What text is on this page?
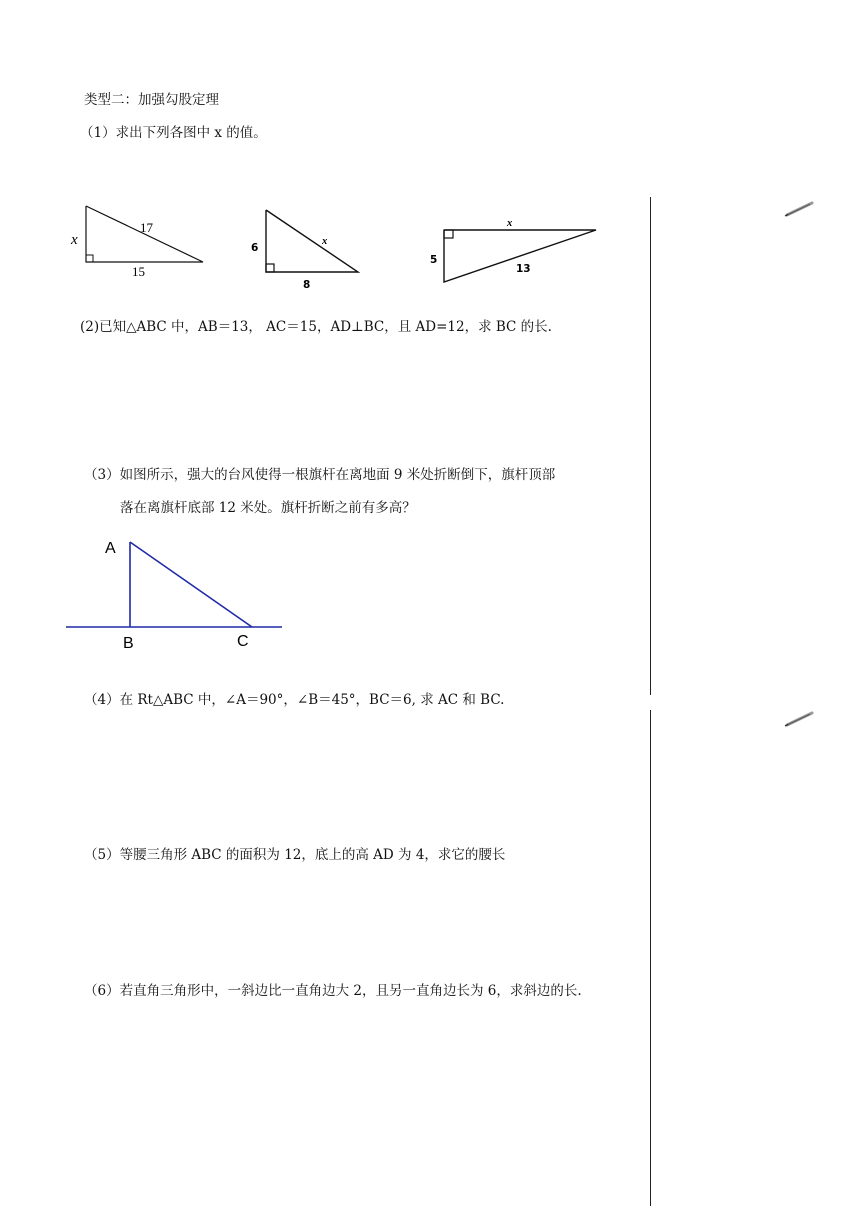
类型二：加强勾股定理
（1）求出下列各图中 x 的值。
x
17
15
6
x
8
x
5
13
(2)已知△ABC 中，AB＝13， AC＝15，AD⊥BC，且 AD=12，求 BC 的长.
（3）如图所示，强大的台风使得一根旗杆在离地面 9 米处折断倒下，旗杆顶部
落在离旗杆底部 12 米处。旗杆折断之前有多高？
A
B	C
（4）在 Rt△ABC 中，∠A＝90°，∠B＝45°，BC＝6, 求 AC 和 BC.
（5）等腰三角形 ABC 的面积为 12，底上的高 AD 为 4，求它的腰长
（6）若直角三角形中，一斜边比一直角边大 2，且另一直角边长为 6，求斜边的长.
